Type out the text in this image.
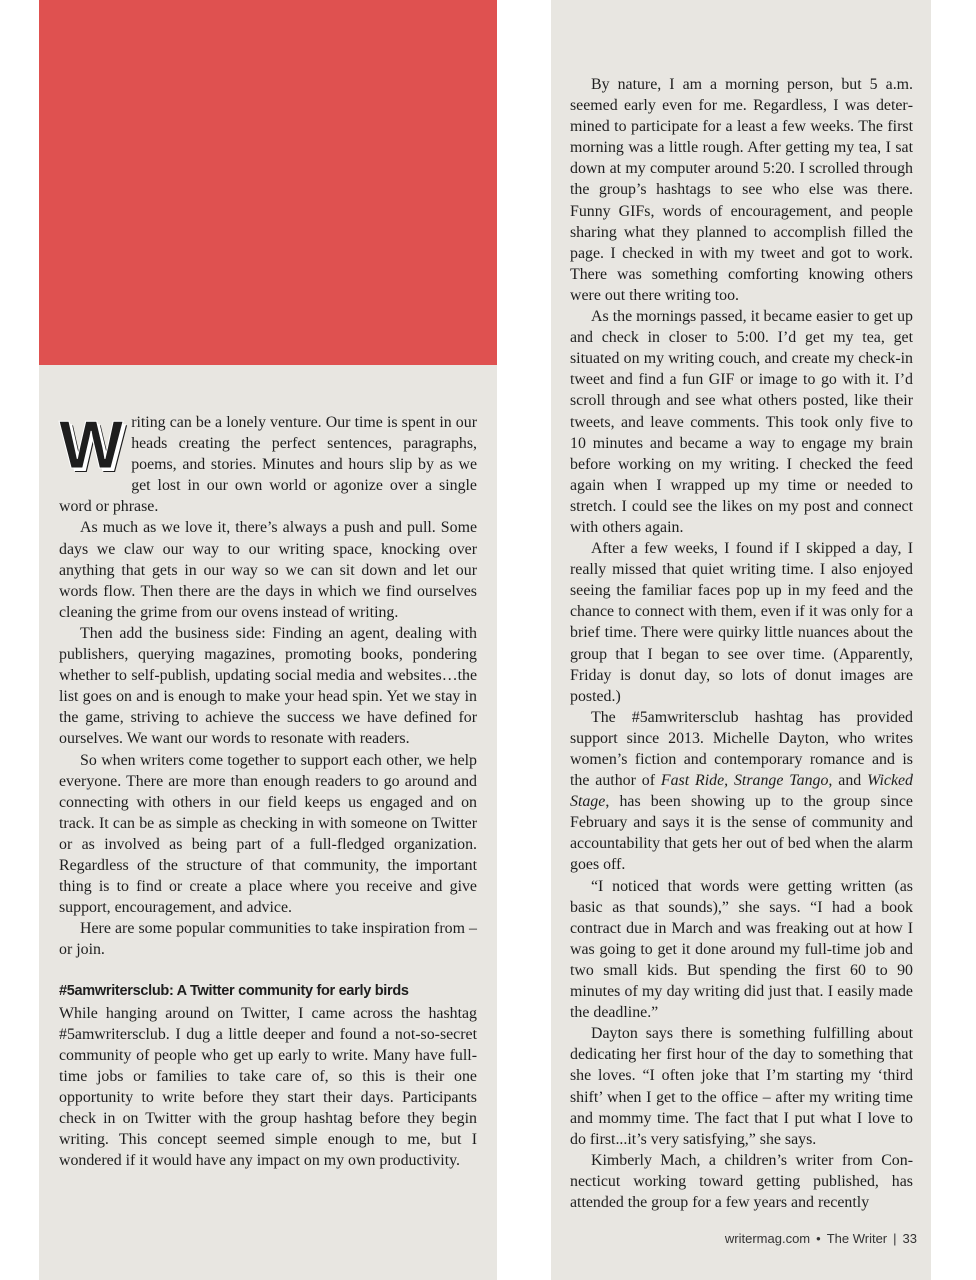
Writing can be a lonely venture. Our time is spent in our heads creating the perfect sentences, paragraphs, poems, and stories. Minutes and hours slip by as we get lost in our own world or agonize over a single word or phrase.

As much as we love it, there’s always a push and pull. Some days we claw our way to our writing space, knocking over anything that gets in our way so we can sit down and let our words flow. Then there are the days in which we find ourselves cleaning the grime from our ovens instead of writing.

Then add the business side: Finding an agent, dealing with publishers, querying magazines, promoting books, pondering whether to self-publish, updating social media and websites…the list goes on and is enough to make your head spin. Yet we stay in the game, striving to achieve the success we have defined for ourselves. We want our words to resonate with readers.

So when writers come together to support each other, we help everyone. There are more than enough readers to go around and connecting with others in our field keeps us engaged and on track. It can be as simple as checking in with someone on Twitter or as involved as being part of a full-fledged organization. Regardless of the structure of that community, the important thing is to find or create a place where you receive and give support, encouragement, and advice.

Here are some popular communities to take inspiration from – or join.

#5amwritersclub: A Twitter community for early birds

While hanging around on Twitter, I came across the hashtag #5amwritersclub. I dug a little deeper and found a not-so-secret community of people who get up early to write. Many have full-time jobs or families to take care of, so this is their one opportunity to write before they start their days. Participants check in on Twitter with the group hashtag before they begin writing. This concept seemed simple enough to me, but I wondered if it would have any impact on my own productivity.

By nature, I am a morning person, but 5 a.m. seemed early even for me. Regardless, I was determined to participate for a least a few weeks. The first morning was a little rough. After getting my tea, I sat down at my computer around 5:20. I scrolled through the group’s hashtags to see who else was there. Funny GIFs, words of encouragement, and people sharing what they planned to accomplish filled the page. I checked in with my tweet and got to work. There was something comforting knowing others were out there writing too.

As the mornings passed, it became easier to get up and check in closer to 5:00. I’d get my tea, get situated on my writing couch, and create my check-in tweet and find a fun GIF or image to go with it. I’d scroll through and see what others posted, like their tweets, and leave comments. This took only five to 10 minutes and became a way to engage my brain before working on my writing. I checked the feed again when I wrapped up my time or needed to stretch. I could see the likes on my post and connect with others again.

After a few weeks, I found if I skipped a day, I really missed that quiet writing time. I also enjoyed seeing the familiar faces pop up in my feed and the chance to connect with them, even if it was only for a brief time. There were quirky little nuances about the group that I began to see over time. (Apparently, Friday is donut day, so lots of donut images are posted.)

The #5amwritersclub hashtag has provided support since 2013. Michelle Dayton, who writes women’s fiction and contemporary romance and is the author of Fast Ride, Strange Tango, and Wicked Stage, has been showing up to the group since February and says it is the sense of community and accountability that gets her out of bed when the alarm goes off.

“I noticed that words were getting written (as basic as that sounds),” she says. “I had a book contract due in March and was freaking out at how I was going to get it done around my full-time job and two small kids. But spending the first 60 to 90 minutes of my day writing did just that. I easily made the deadline.”

Dayton says there is something fulfilling about dedicating her first hour of the day to something that she loves. “I often joke that I’m starting my ‘third shift’ when I get to the office – after my writing time and mommy time. The fact that I put what I love to do first...it’s very satisfying,” she says.

Kimberly Mach, a children’s writer from Connecticut working toward getting published, has attended the group for a few years and recently

writermag.com • The Writer | 33
